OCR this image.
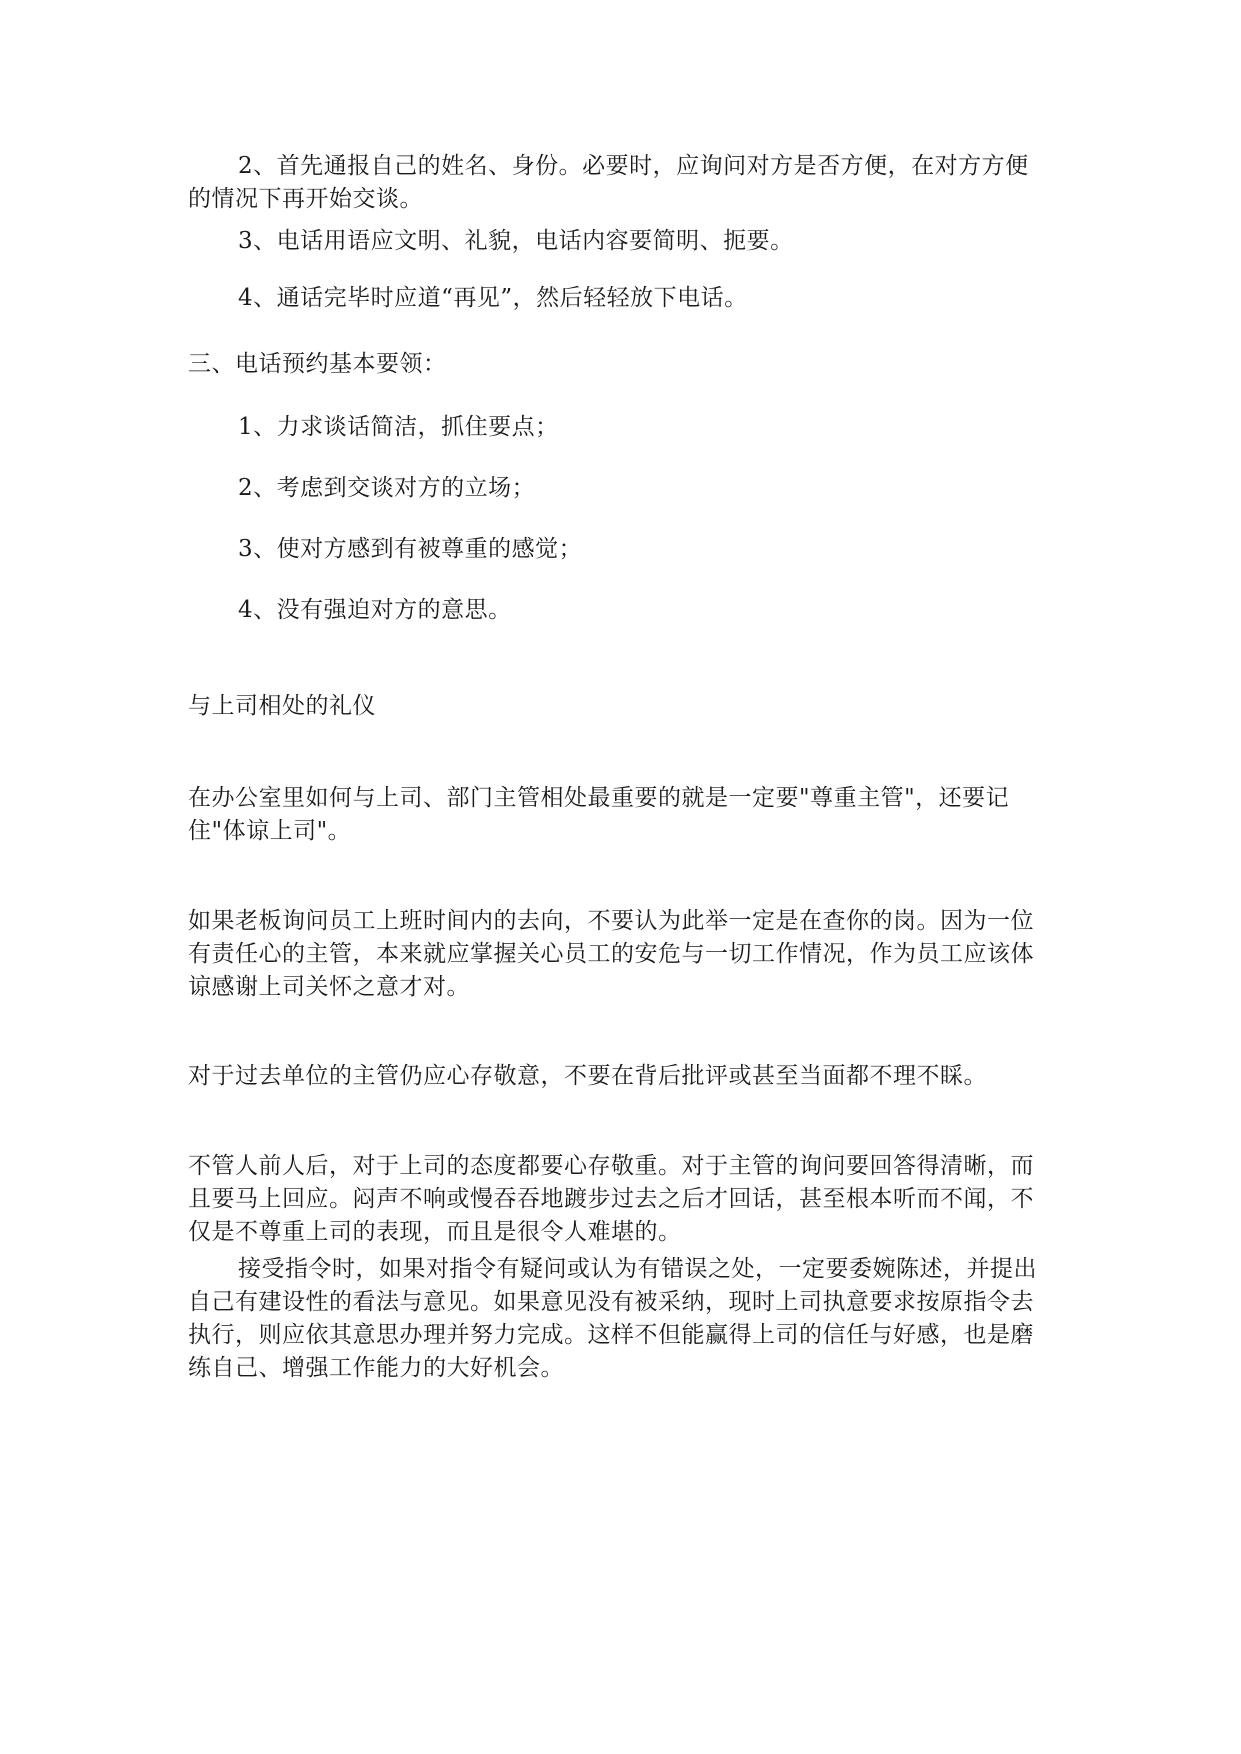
2、首先通报自己的姓名、身份。必要时，应询问对方是否方便，在对方方便的情况下再开始交谈。

3、电话用语应文明、礼貌，电话内容要简明、扼要。

4、通话完毕时应道“再见”，然后轻轻放下电话。

三、电话预约基本要领：

1、力求谈话简洁，抓住要点；

2、考虑到交谈对方的立场；

3、使对方感到有被尊重的感觉；

4、没有强迫对方的意思。

与上司相处的礼仪

在办公室里如何与上司、部门主管相处最重要的就是一定要"尊重主管"，还要记住"体谅上司"。

如果老板询问员工上班时间内的去向，不要认为此举一定是在查你的岗。因为一位有责任心的主管，本来就应掌握关心员工的安危与一切工作情况，作为员工应该体谅感谢上司关怀之意才对。

对于过去单位的主管仍应心存敬意，不要在背后批评或甚至当面都不理不睬。

不管人前人后，对于上司的态度都要心存敬重。对于主管的询问要回答得清晰，而且要马上回应。闷声不响或慢吞吞地踱步过去之后才回话，甚至根本听而不闻，不仅是不尊重上司的表现，而且是很令人难堪的。

接受指令时，如果对指令有疑问或认为有错误之处，一定要委婉陈述，并提出自己有建设性的看法与意见。如果意见没有被采纳，现时上司执意要求按原指令去执行，则应依其意思办理并努力完成。这样不但能赢得上司的信任与好感，也是磨练自己、增强工作能力的大好机会。
